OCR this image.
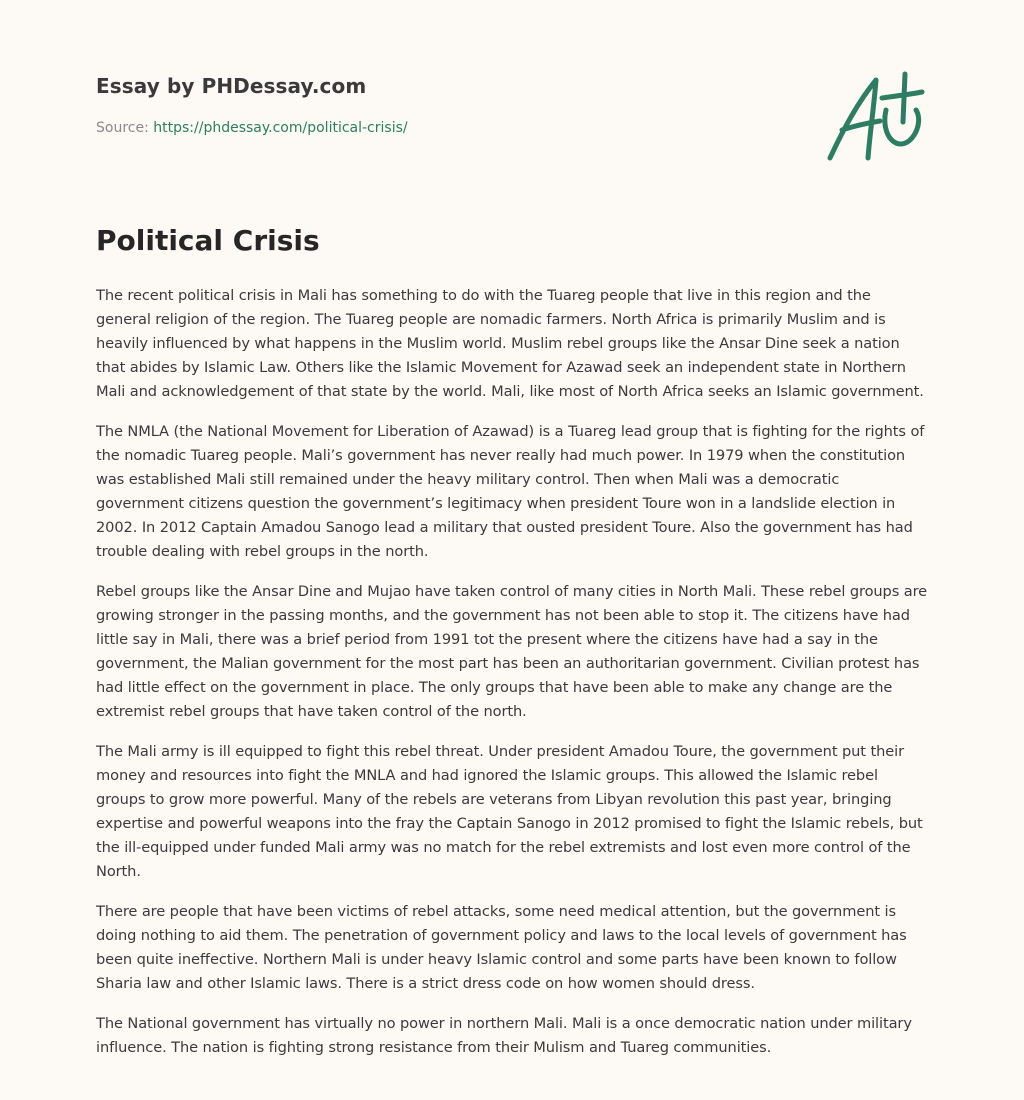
Essay by PHDessay.com
Source: https://phdessay.com/political-crisis/
Political Crisis

The recent political crisis in Mali has something to do with the Tuareg people that live in this region and the general religion of the region. The Tuareg people are nomadic farmers. North Africa is primarily Muslim and is heavily influenced by what happens in the Muslim world. Muslim rebel groups like the Ansar Dine seek a nation that abides by Islamic Law. Others like the Islamic Movement for Azawad seek an independent state in Northern Mali and acknowledgement of that state by the world. Mali, like most of North Africa seeks an Islamic government.

The NMLA (the National Movement for Liberation of Azawad) is a Tuareg lead group that is fighting for the rights of the nomadic Tuareg people. Mali’s government has never really had much power. In 1979 when the constitution was established Mali still remained under the heavy military control. Then when Mali was a democratic government citizens question the government’s legitimacy when president Toure won in a landslide election in 2002. In 2012 Captain Amadou Sanogo lead a military that ousted president Toure. Also the government has had trouble dealing with rebel groups in the north.

Rebel groups like the Ansar Dine and Mujao have taken control of many cities in North Mali. These rebel groups are growing stronger in the passing months, and the government has not been able to stop it. The citizens have had little say in Mali, there was a brief period from 1991 tot the present where the citizens have had a say in the government, the Malian government for the most part has been an authoritarian government. Civilian protest has had little effect on the government in place. The only groups that have been able to make any change are the extremist rebel groups that have taken control of the north.

The Mali army is ill equipped to fight this rebel threat. Under president Amadou Toure, the government put their money and resources into fight the MNLA and had ignored the Islamic groups. This allowed the Islamic rebel groups to grow more powerful. Many of the rebels are veterans from Libyan revolution this past year, bringing expertise and powerful weapons into the fray the Captain Sanogo in 2012 promised to fight the Islamic rebels, but the ill-equipped under funded Mali army was no match for the rebel extremists and lost even more control of the North.

There are people that have been victims of rebel attacks, some need medical attention, but the government is doing nothing to aid them. The penetration of government policy and laws to the local levels of government has been quite ineffective. Northern Mali is under heavy Islamic control and some parts have been known to follow Sharia law and other Islamic laws. There is a strict dress code on how women should dress.

The National government has virtually no power in northern Mali. Mali is a once democratic nation under military influence. The nation is fighting strong resistance from their Mulism and Tuareg communities.
